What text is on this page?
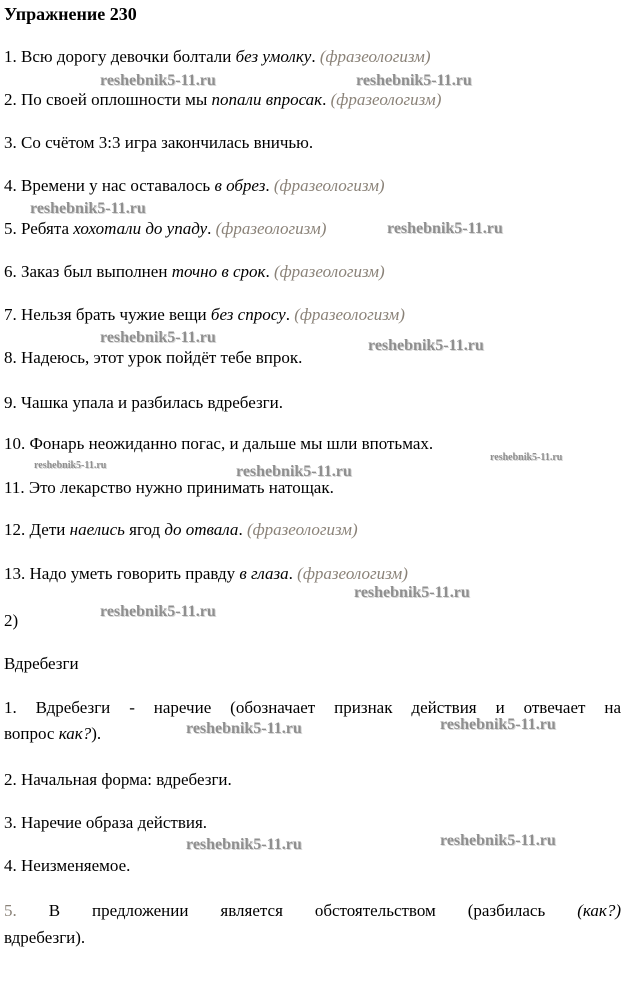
Упражнение 230
1. Всю дорогу девочки болтали без умолку. (фразеологизм)
2. По своей оплошности мы попали впросак. (фразеологизм)
3. Со счётом 3:3 игра закончилась вничью.
4. Времени у нас оставалось в обрез. (фразеологизм)
5. Ребята хохотали до упаду. (фразеологизм)
6. Заказ был выполнен точно в срок. (фразеологизм)
7. Нельзя брать чужие вещи без спросу. (фразеологизм)
8. Надеюсь, этот урок пойдёт тебе впрок.
9. Чашка упала и разбилась вдребезги.
10. Фонарь неожиданно погас, и дальше мы шли впотьмах.
11. Это лекарство нужно принимать натощак.
12. Дети наелись ягод до отвала. (фразеологизм)
13. Надо уметь говорить правду в глаза. (фразеологизм)
2)
Вдребезги
1. Вдребезги - наречие (обозначает признак действия и отвечает на
вопрос как?).
2. Начальная форма: вдребезги.
3. Наречие образа действия.
4. Неизменяемое.
5. В предложении является обстоятельством (разбилась (как?)
вдребезги).
reshebnik5-11.ru	reshebnik5-11.ru
reshebnik5-11.ru
reshebnik5-11.ru
reshebnik5-11.ru	reshebnik5-11.ru
reshebnik5-11.ru	reshebnik5-11.ru
reshebnik5-11.ru
reshebnik5-11.ru
reshebnik5-11.ru
reshebnik5-11.ru	reshebnik5-11.ru
reshebnik5-11.ru	reshebnik5-11.ru
